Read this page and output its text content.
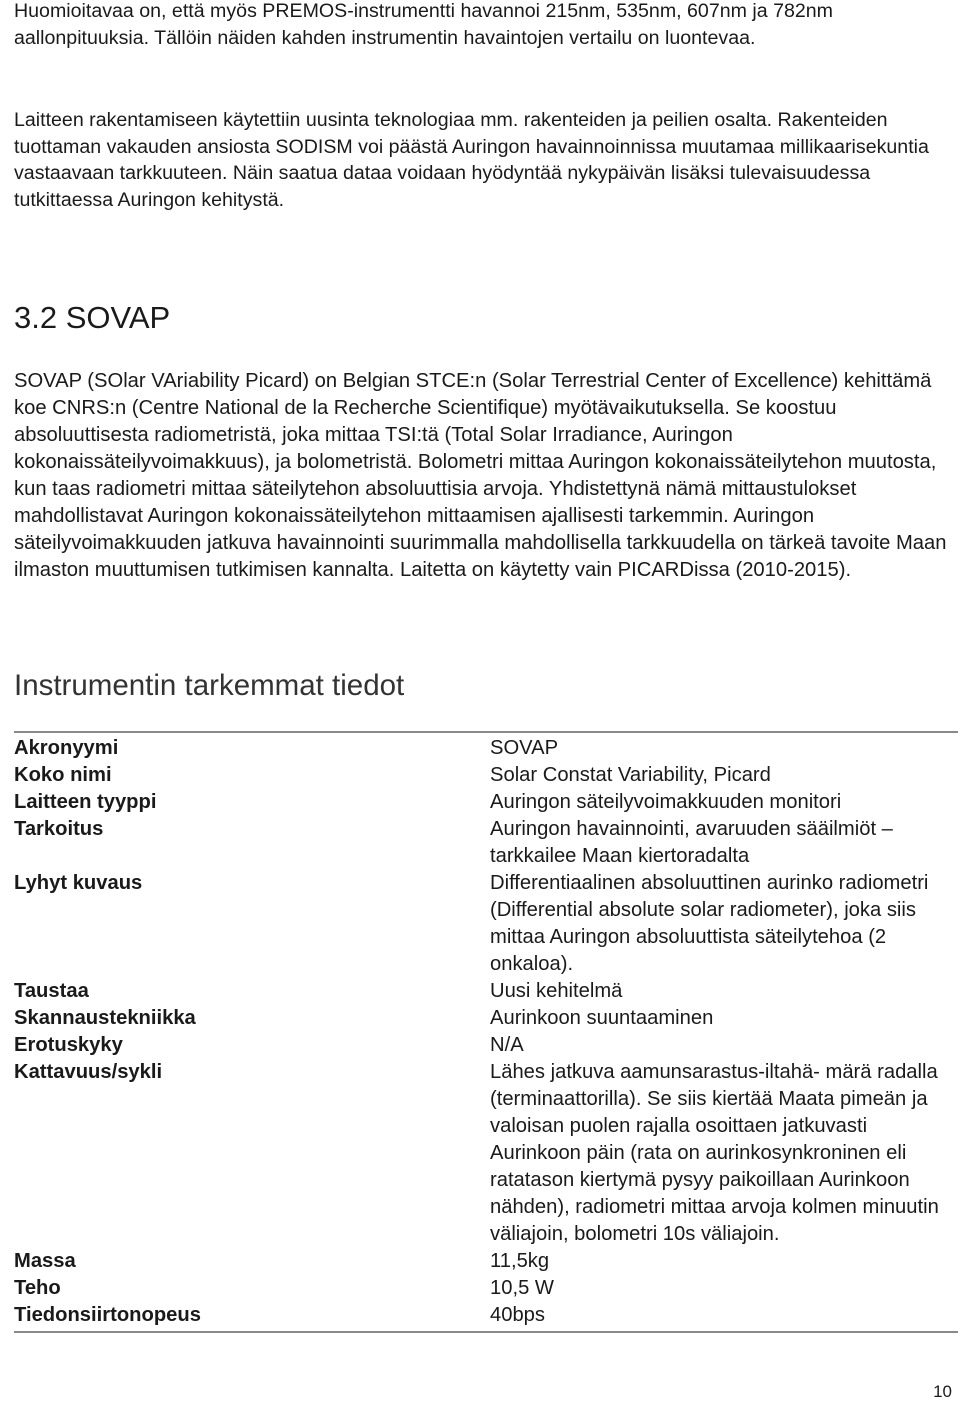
Huomioitavaa on, että myös PREMOS-instrumentti havannoi 215nm, 535nm, 607nm ja 782nm aallonpituuksia. Tällöin näiden kahden instrumentin havaintojen vertailu on luontevaa.

Laitteen rakentamiseen käytettiin uusinta teknologiaa mm. rakenteiden ja peilien osalta. Rakenteiden tuottaman vakauden ansiosta SODISM voi päästä Auringon havainnoinnissa muutamaa millikaarisekuntia vastaavaan tarkkuuteen. Näin saatua dataa voidaan hyödyntää nykypäivän lisäksi tulevaisuudessa tutkittaessa Auringon kehitystä.

3.2 SOVAP

SOVAP (SOlar VAriability Picard) on Belgian STCE:n (Solar Terrestrial Center of Excellence) kehittämä koe CNRS:n (Centre National de la Recherche Scientifique) myötävaikutuksella. Se koostuu absoluuttisesta radiometristä, joka mittaa TSI:tä (Total Solar Irradiance, Auringon kokonaissäteilyvoimakkuus), ja bolometristä. Bolometri mittaa Auringon kokonaissäteilytehon muutosta, kun taas radiometri mittaa säteilytehon absoluuttisia arvoja. Yhdistettynä nämä mittaustulokset mahdollistavat Auringon kokonaissäteilytehon mittaamisen ajallisesti tarkemmin. Auringon säteilyvoimakkuuden jatkuva havainnointi suurimmalla mahdollisella tarkkuudella on tärkeä tavoite Maan ilmaston muuttumisen tutkimisen kannalta. Laitetta on käytetty vain PICARDissa (2010-2015).

Instrumentin tarkemmat tiedot
Akronyymi	SOVAP
Koko nimi	Solar Constat Variability, Picard
Laitteen tyyppi	Auringon säteilyvoimakkuuden monitori
Tarkoitus	Auringon havainnointi, avaruuden sääilmiöt – tarkkailee Maan kiertoradalta
Lyhyt kuvaus	Differentiaalinen absoluuttinen aurinko radiometri (Differential absolute solar radiometer), joka siis mittaa Auringon absoluuttista säteilytehoa (2 onkaloa).
Taustaa	Uusi kehitelmä
Skannaustekniikka	Aurinkoon suuntaaminen
Erotuskyky	N/A
Kattavuus/sykli	Lähes jatkuva aamunsarastus-iltahä- märä radalla (terminaattorilla). Se siis kiertää Maata pimeän ja valoisan puolen rajalla osoittaen jatkuvasti Aurinkoon päin (rata on aurinkosynkroninen eli ratatason kiertymä pysyy paikoillaan Aurinkoon nähden), radiometri mittaa arvoja kolmen minuutin väliajoin, bolometri 10s väliajoin.
Massa	11,5kg
Teho	10,5 W
Tiedonsiirtonopeus	40bps
10
